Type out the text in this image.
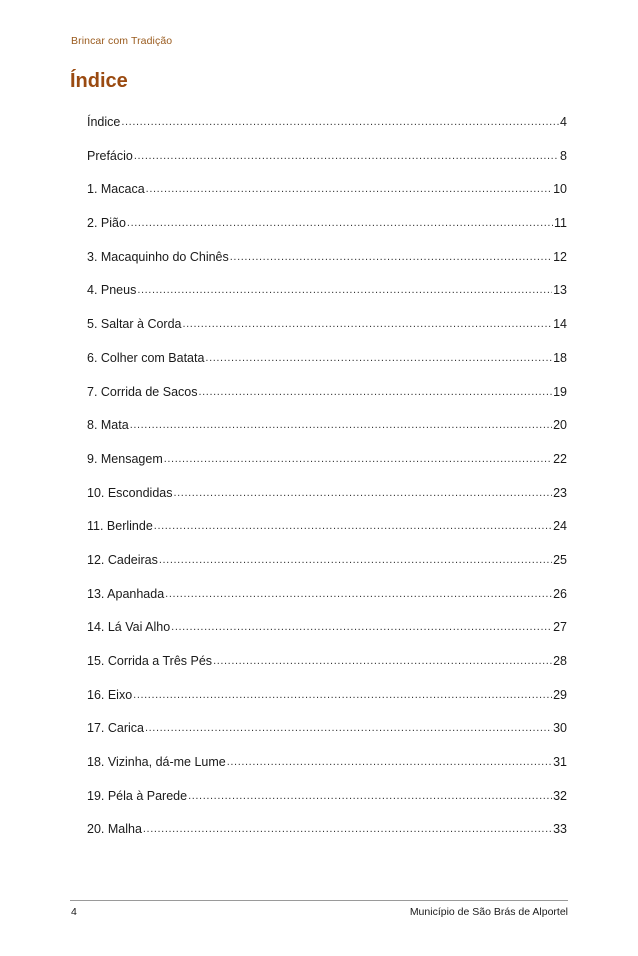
Brincar com Tradição
Índice
Índice .....	4
Prefácio .....	8
1. Macaca .....	10
2. Pião .....	11
3. Macaquinho do Chinês .....	12
4. Pneus .....	13
5. Saltar à Corda .....	14
6. Colher com Batata .....	18
7. Corrida de Sacos .....	19
8. Mata .....	20
9. Mensagem .....	22
10. Escondidas .....	23
11. Berlinde .....	24
12. Cadeiras .....	25
13. Apanhada .....	26
14. Lá Vai Alho .....	27
15. Corrida a Três Pés .....	28
16. Eixo .....	29
17. Carica .....	30
18. Vizinha, dá-me Lume .....	31
19. Péla à Parede .....	32
20. Malha .....	33
4	Município de São Brás de Alportel
